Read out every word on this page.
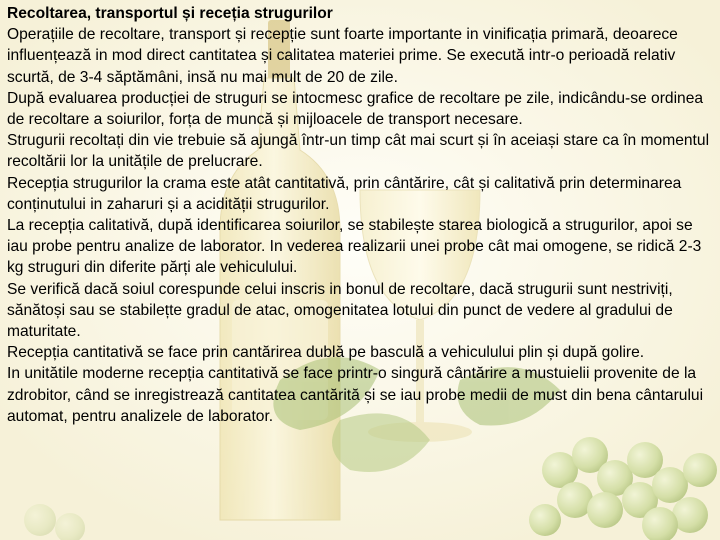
Recoltarea, transportul și receția strugurilor

Operațiile de recoltare, transport și recepție sunt foarte importante in vinificația primară, deoarece influențează in mod direct cantitatea și calitatea materiei prime. Se execută intr-o perioadă relativ scurtă, de 3-4 săptămâni, insă nu mai mult de 20 de zile.

După evaluarea producției de struguri se intocmesc grafice de recoltare pe zile, indicându-se ordinea de recoltare a soiurilor, forța de muncă și mijloacele de transport necesare.

Strugurii recoltați din vie trebuie să ajungă într-un timp cât mai scurt și în aceiași stare ca în momentul recoltării lor la unitățile de prelucrare.

Recepția strugurilor la crama este atât cantitativă, prin cântărire, cât și calitativă prin determinarea conținutului in zaharuri și a acidității strugurilor.

La recepția calitativă, după identificarea soiurilor, se stabilește starea biologică a strugurilor, apoi se iau probe pentru analize de laborator. In vederea realizarii unei probe cât mai omogene, se ridică 2-3 kg struguri din diferite părți ale vehiculului.

Se verifică dacă soiul corespunde celui inscris in bonul de recoltare, dacă strugurii sunt nestriviți, sănătoși sau se stabilețte gradul de atac, omogenitatea lotului din punct de vedere al gradului de maturitate.

Recepția cantitativă se face prin cantărirea dublă pe basculă a vehiculului plin și după golire.

In unitătile moderne recepția cantitativă se face printr-o singură cântărire a mustuielii provenite de la zdrobitor, când se inregistrează cantitatea cantărită și se iau probe medii de must din bena cântarului automat, pentru analizele de laborator.
